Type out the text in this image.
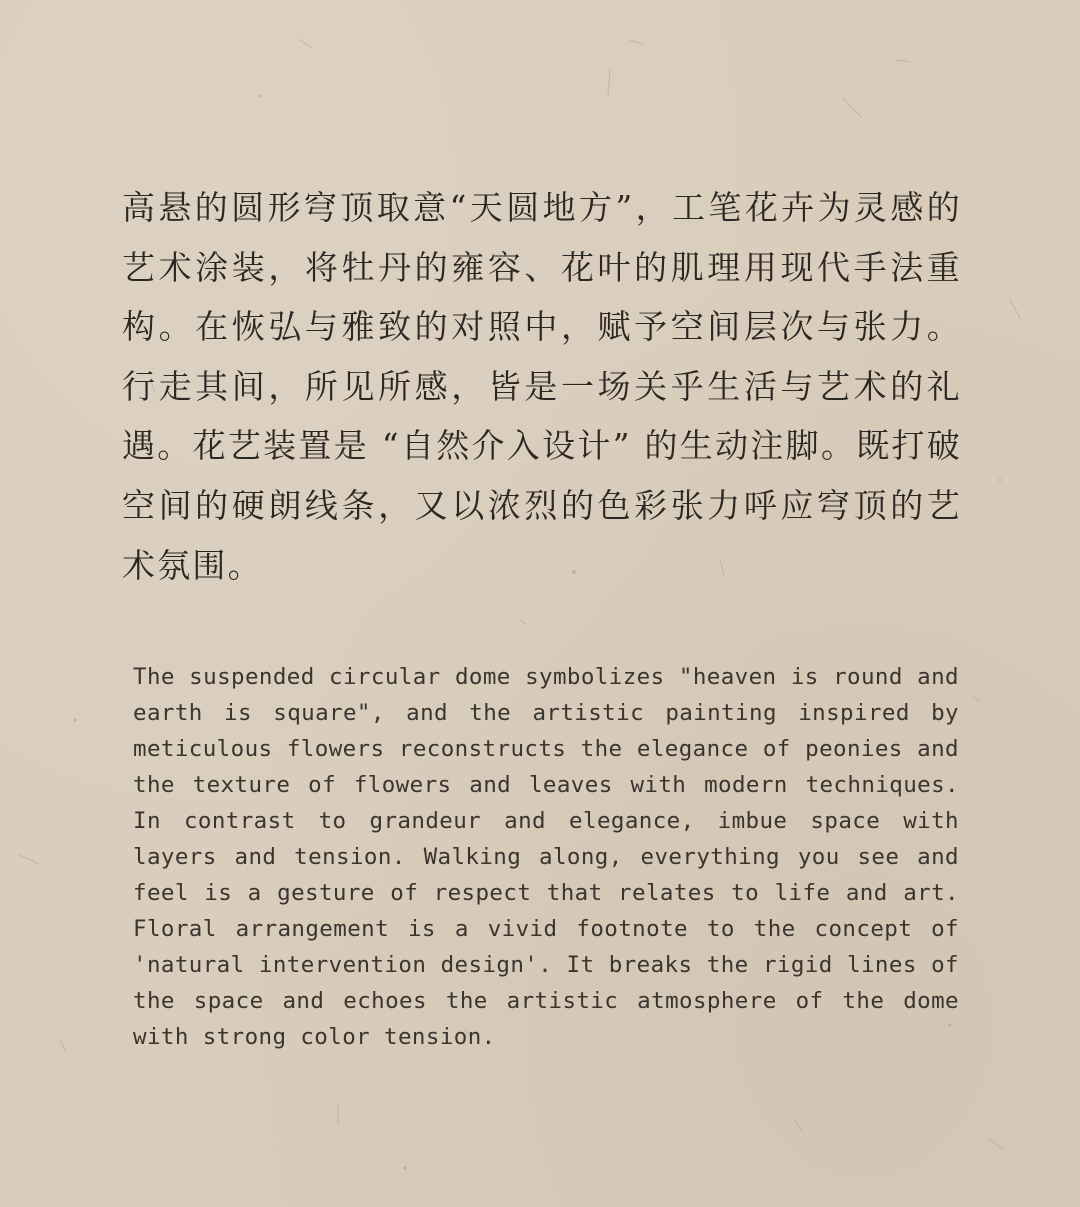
高悬的圆形穹顶取意“天圆地方”，工笔花卉为灵感的艺术涂装，将牡丹的雍容、花叶的肌理用现代手法重构。在恢弘与雅致的对照中，赋予空间层次与张力。行走其间，所见所感，皆是一场关乎生活与艺术的礼遇。花艺装置是 “自然介入设计” 的生动注脚。既打破空间的硬朗线条，又以浓烈的色彩张力呼应穹顶的艺术氛围。

The suspended circular dome symbolizes "heaven is round and earth is square", and the artistic painting inspired by meticulous flowers reconstructs the elegance of peonies and the texture of flowers and leaves with modern techniques. In contrast to grandeur and elegance, imbue space with layers and tension. Walking along, everything you see and feel is a gesture of respect that relates to life and art. Floral arrangement is a vivid footnote to the concept of 'natural intervention design'. It breaks the rigid lines of the space and echoes the artistic atmosphere of the dome with strong color tension.
